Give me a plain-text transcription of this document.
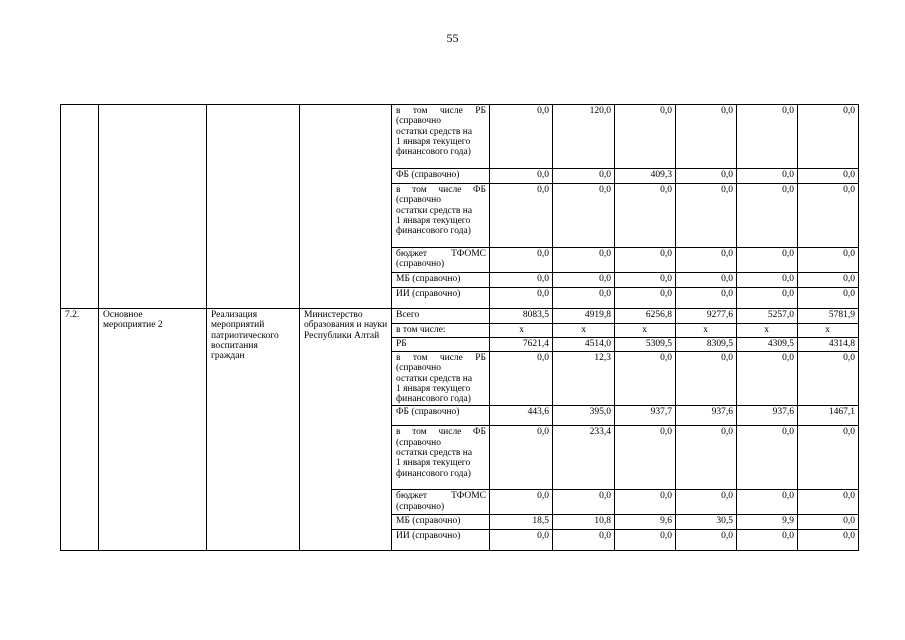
55

				в том числе РБ
(справочно
остатки средств на
1 января текущего
финансового года)	0,0	120,0	0,0	0,0	0,0	0,0

				ФБ (справочно)	0,0	0,0	409,3	0,0	0,0	0,0

				в том числе ФБ
(справочно
остатки средств на
1 января текущего
финансового года)	0,0	0,0	0,0	0,0	0,0	0,0

				бюджет ТФОМС
(справочно)	0,0	0,0	0,0	0,0	0,0	0,0

				МБ (справочно)	0,0	0,0	0,0	0,0	0,0	0,0

				ИИ (справочно)	0,0	0,0	0,0	0,0	0,0	0,0
7.2.	Основное
мероприятие 2	Реализация
мероприятий
патриотического
воспитания
граждан	Министерство
образования и науки
Республики Алтай	Всего	8083,5	4919,8	6256,8	9277,6	5257,0	5781,9

				в том числе:	х	х	х	х	х	х

				РБ	7621,4	4514,0	5309,5	8309,5	4309,5	4314,8

				в том числе РБ
(справочно
остатки средств на
1 января текущего
финансового года)	0,0	12,3	0,0	0,0	0,0	0,0

				ФБ (справочно)	443,6	395,0	937,7	937,6	937,6	1467,1

				в том числе ФБ
(справочно
остатки средств на
1 января текущего
финансового года)	0,0	233,4	0,0	0,0	0,0	0,0

				бюджет ТФОМС
(справочно)	0,0	0,0	0,0	0,0	0,0	0,0

				МБ (справочно)	18,5	10,8	9,6	30,5	9,9	0,0

				ИИ (справочно)	0,0	0,0	0,0	0,0	0,0	0,0
